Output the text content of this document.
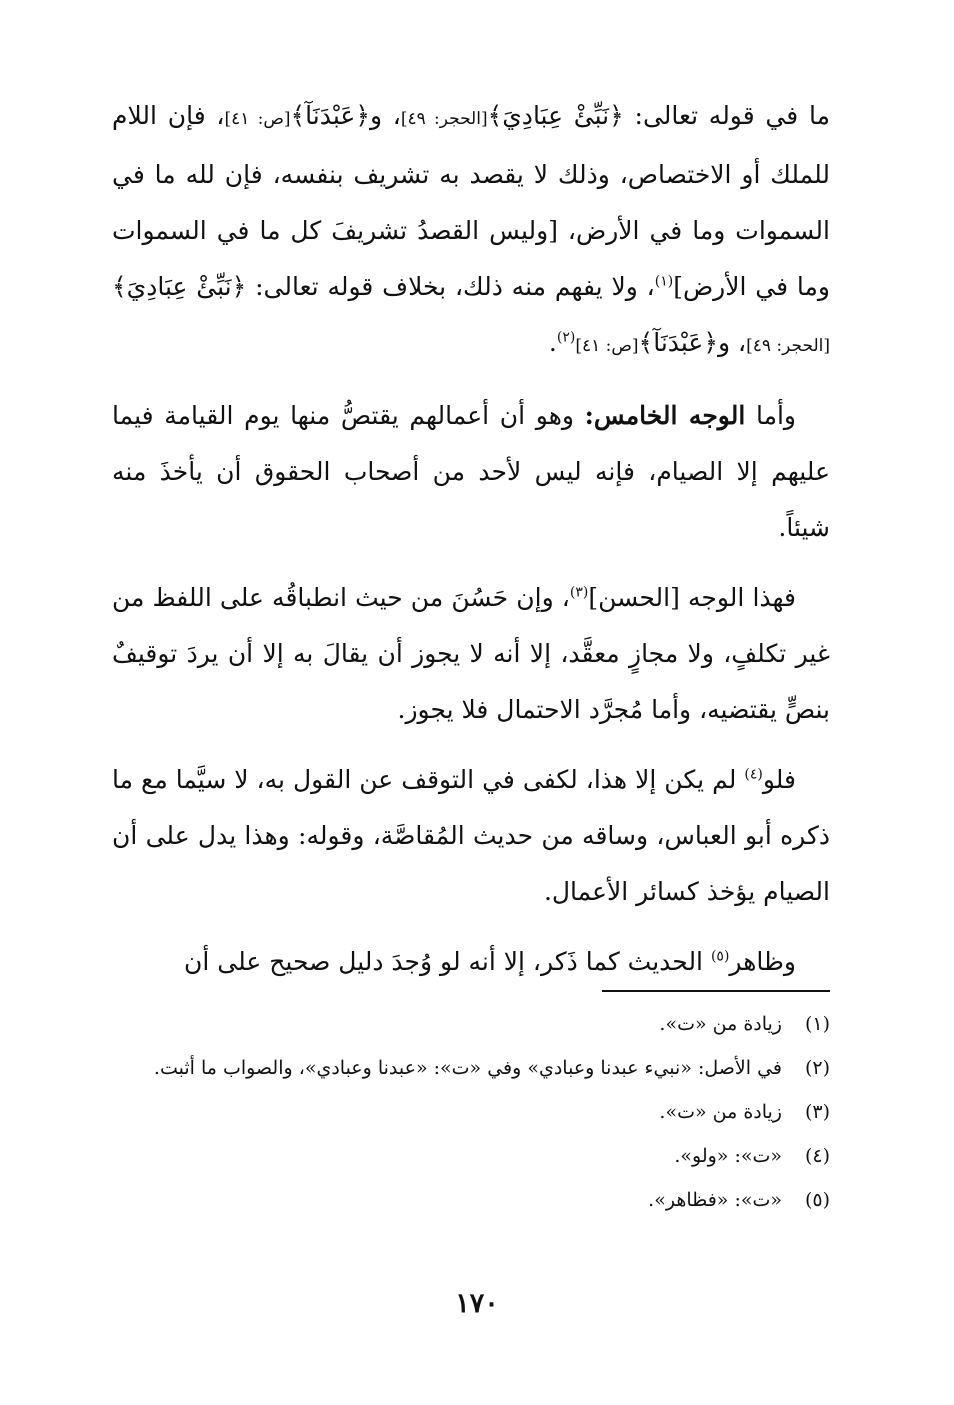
ما في قوله تعالى: ﴿نَبِّئْ عِبَادِيَ﴾[الحجر: ٤٩]، و﴿عَبْدَنَآ﴾[ص: ٤١]، فإن اللام للملك أو الاختصاص، وذلك لا يقصد به تشريف بنفسه، فإن لله ما في السموات وما في الأرض، [وليس القصدُ تشريفَ كل ما في السموات وما في الأرض]$^{(١)}$، ولا يفهم منه ذلك، بخلاف قوله تعالى: ﴿نَبِّئْ عِبَادِيَ﴾[الحجر: ٤٩]، و﴿عَبْدَنَآ﴾[ص: ٤١]$^{(٢)}$.

وأما الوجه الخامس: وهو أن أعمالهم يقتصُّ منها يوم القيامة فيما عليهم إلا الصيام، فإنه ليس لأحد من أصحاب الحقوق أن يأخذَ منه شيئاً.

فهذا الوجه [الحسن]$^{(٣)}$، وإن حَسُنَ من حيث انطباقُه على اللفظ من غير تكلفٍ، ولا مجازٍ معقَّد، إلا أنه لا يجوز أن يقالَ به إلا أن يردَ توقيفٌ بنصٍّ يقتضيه، وأما مُجرَّد الاحتمال فلا يجوز.

فلو$^{(٤)}$ لم يكن إلا هذا، لكفى في التوقف عن القول به، لا سيَّما مع ما ذكره أبو العباس، وساقه من حديث المُقاصَّة، وقوله: وهذا يدل على أن الصيام يؤخذ كسائر الأعمال.

وظاهر$^{(٥)}$ الحديث كما ذَكر، إلا أنه لو وُجدَ دليل صحيح على أن

(١)
زيادة من «ت».
(٢)
في الأصل: «نبيء عبدنا وعبادي» وفي «ت»: «عبدنا وعبادي»، والصواب ما أثبت.
(٣)
زيادة من «ت».
(٤)
«ت»: «ولو».
(٥)
«ت»: «فظاهر».
١٧٠
